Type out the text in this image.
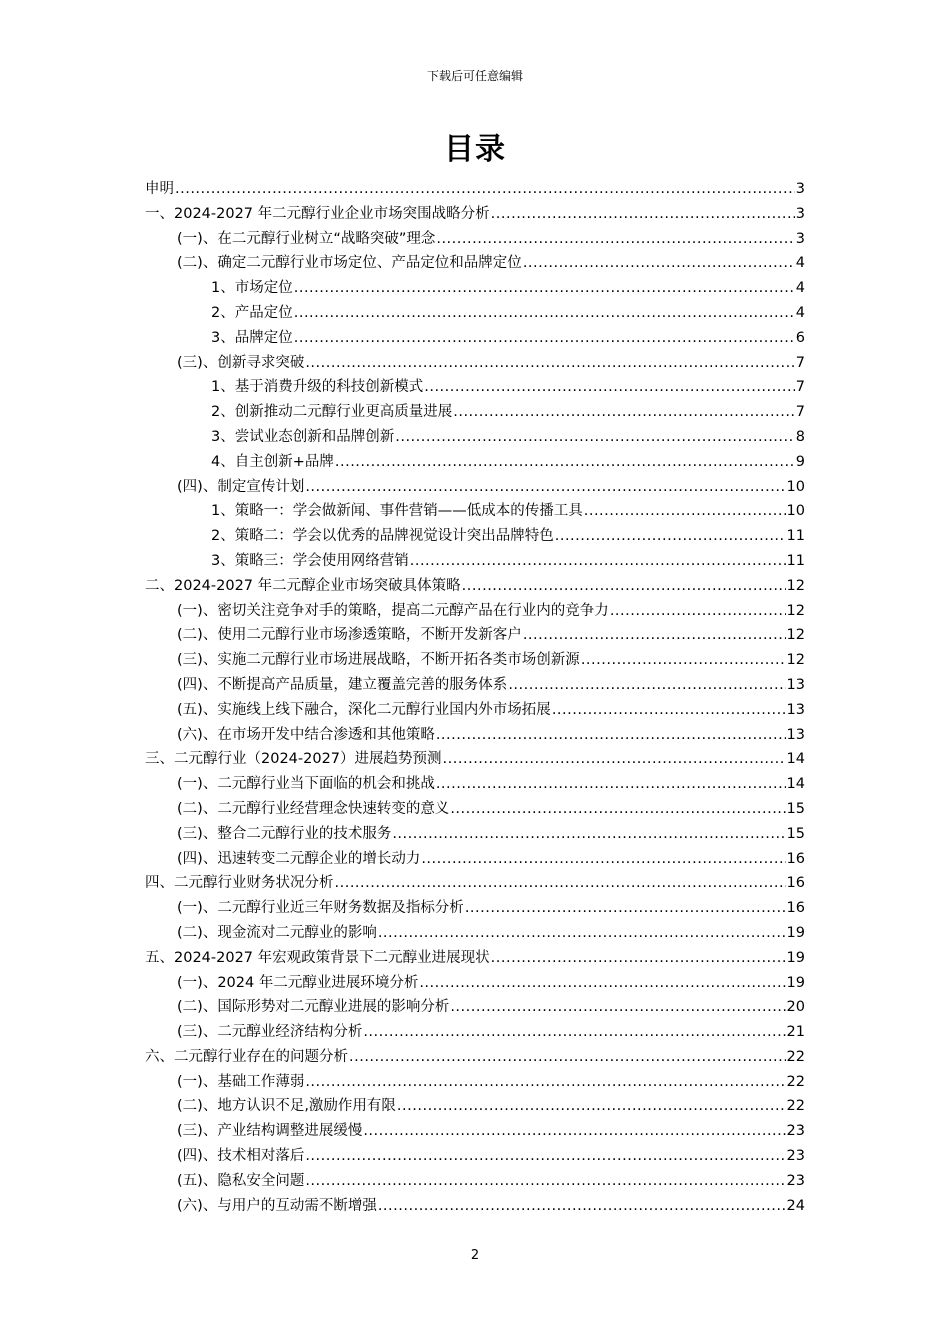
下载后可任意编辑
目录
申明 .....	3
一、2024-2027 年二元醇行业企业市场突围战略分析 .....	3
(一)、在二元醇行业树立“战略突破”理念 .....	3
(二)、确定二元醇行业市场定位、产品定位和品牌定位 .....	4
1、市场定位 .....	4
2、产品定位 .....	4
3、品牌定位 .....	6
(三)、创新寻求突破 .....	7
1、基于消费升级的科技创新模式 .....	7
2、创新推动二元醇行业更高质量进展 .....	7
3、尝试业态创新和品牌创新 .....	8
4、自主创新+品牌 .....	9
(四)、制定宣传计划 .....	10
1、策略一：学会做新闻、事件营销——低成本的传播工具 .....	10
2、策略二：学会以优秀的品牌视觉设计突出品牌特色 .....	11
3、策略三：学会使用网络营销 .....	11
二、2024-2027 年二元醇企业市场突破具体策略 .....	12
(一)、密切关注竞争对手的策略，提高二元醇产品在行业内的竞争力 .....	12
(二)、使用二元醇行业市场渗透策略，不断开发新客户 .....	12
(三)、实施二元醇行业市场进展战略，不断开拓各类市场创新源 .....	12
(四)、不断提高产品质量，建立覆盖完善的服务体系 .....	13
(五)、实施线上线下融合，深化二元醇行业国内外市场拓展 .....	13
(六)、在市场开发中结合渗透和其他策略 .....	13
三、二元醇行业（2024-2027）进展趋势预测 .....	14
(一)、二元醇行业当下面临的机会和挑战 .....	14
(二)、二元醇行业经营理念快速转变的意义 .....	15
(三)、整合二元醇行业的技术服务 .....	15
(四)、迅速转变二元醇企业的增长动力 .....	16
四、二元醇行业财务状况分析 .....	16
(一)、二元醇行业近三年财务数据及指标分析 .....	16
(二)、现金流对二元醇业的影响 .....	19
五、2024-2027 年宏观政策背景下二元醇业进展现状 .....	19
(一)、2024 年二元醇业进展环境分析 .....	19
(二)、国际形势对二元醇业进展的影响分析 .....	20
(三)、二元醇业经济结构分析 .....	21
六、二元醇行业存在的问题分析 .....	22
(一)、基础工作薄弱 .....	22
(二)、地方认识不足,激励作用有限 .....	22
(三)、产业结构调整进展缓慢 .....	23
(四)、技术相对落后 .....	23
(五)、隐私安全问题 .....	23
(六)、与用户的互动需不断增强 .....	24
2
